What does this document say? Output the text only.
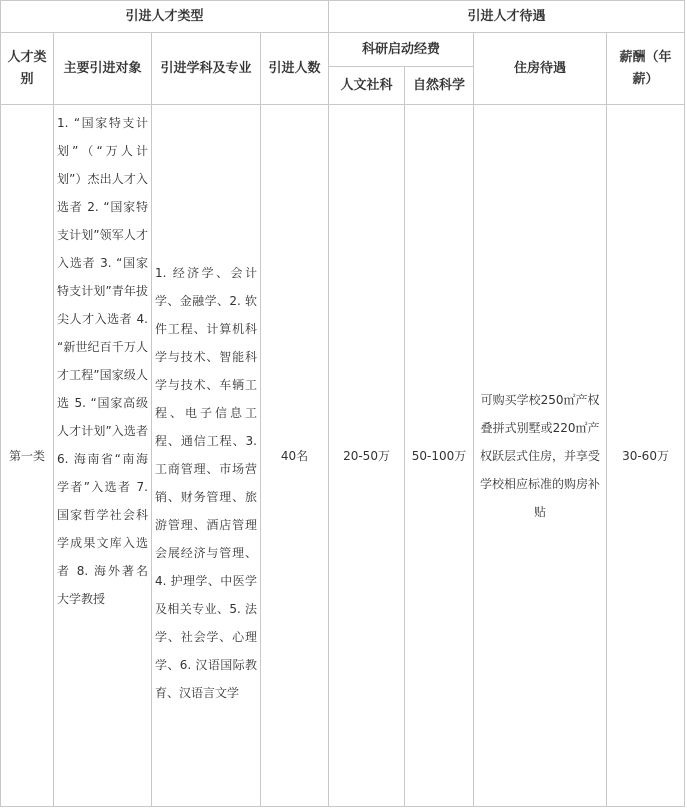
引进人才类型				引进人才待遇			
人才类别	主要引进对象	引进学科及专业	引进人数	科研启动经费		住房待遇	薪酬（年薪）
				人文社科	自然科学		
第一类	1. “国家特支计划”（“万人计划”）杰出人才入选者 2. “国家特支计划”领军人才入选者 3. “国家特支计划”青年拔尖人才入选者 4. “新世纪百千万人才工程”国家级人选 5. “国家高级人才计划”入选者 6. 海南省“南海学者”入选者 7. 国家哲学社会科学成果文库入选者 8. 海外著名大学教授	1. 经济学、会计学、金融学、2. 软件工程、计算机科学与技术、智能科学与技术、车辆工程、电子信息工程、通信工程、3. 工商管理、市场营销、财务管理、旅游管理、酒店管理会展经济与管理、4. 护理学、中医学及相关专业、5. 法学、社会学、心理学、6. 汉语国际教育、汉语言文学	40名	20-50万	50-100万	可购买学校250㎡产权叠拼式别墅或220㎡产权跃层式住房，并享受学校相应标准的购房补贴	30-60万
